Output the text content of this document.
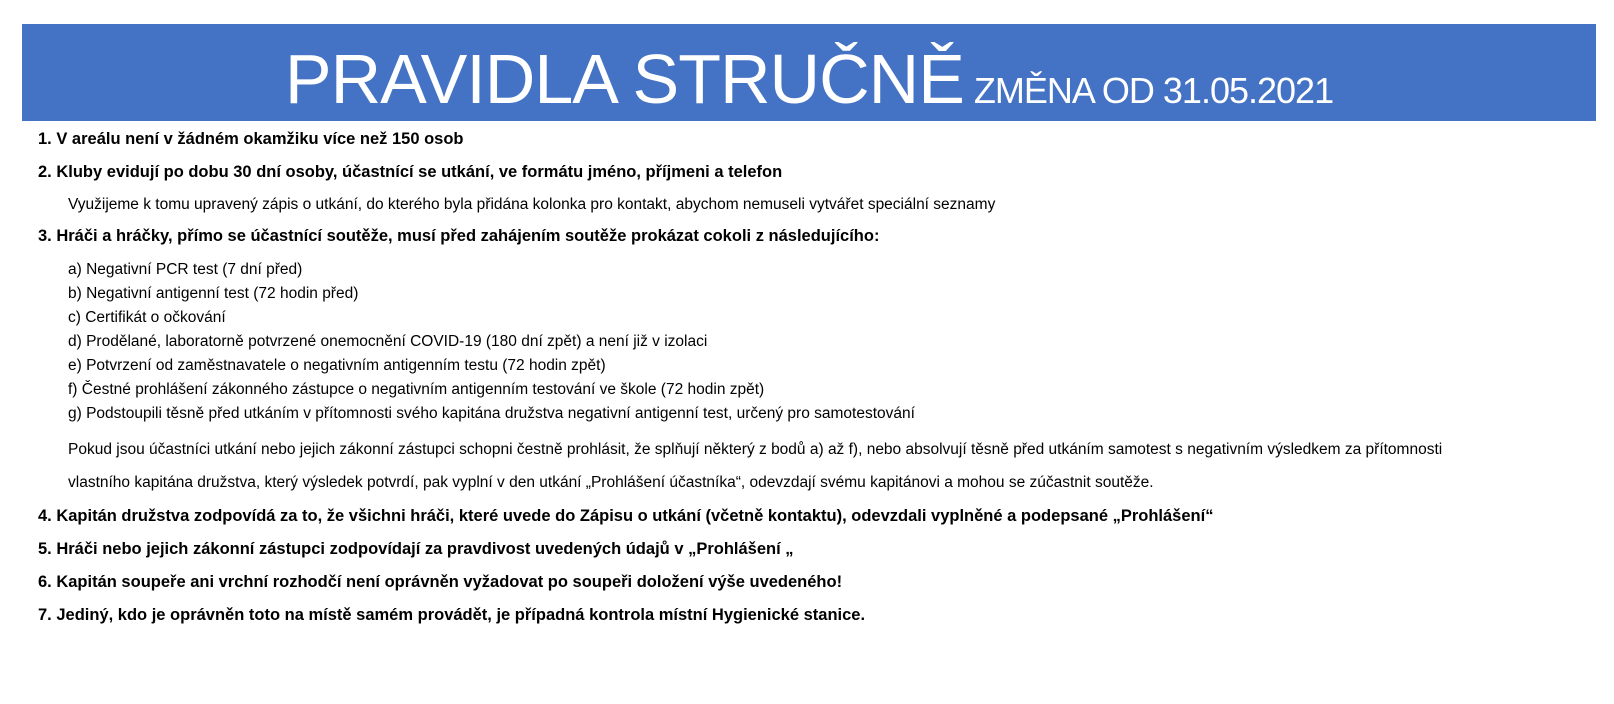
PRAVIDLA STRUČNĚ ZMĚNA OD 31.05.2021
1. V areálu není v žádném okamžiku více než 150 osob
2. Kluby evidují po dobu 30 dní osoby, účastnící se utkání, ve formátu jméno, příjmeni a telefon
Využijeme k tomu upravený zápis o utkání, do kterého byla přidána kolonka pro kontakt, abychom nemuseli vytvářet speciální seznamy
3. Hráči a hráčky, přímo se účastnící soutěže, musí před zahájením soutěže prokázat cokoli z následujícího:
a) Negativní PCR test (7 dní před)
b) Negativní antigenní test (72 hodin před)
c) Certifikát o očkování
d) Prodělané, laboratorně potvrzené onemocnění COVID-19 (180 dní zpět) a není již v izolaci
e) Potvrzení od zaměstnavatele o negativním antigenním testu (72 hodin zpět)
f) Čestné prohlášení zákonného zástupce o negativním antigenním testování ve škole (72 hodin zpět)
g) Podstoupili těsně před utkáním v přítomnosti svého kapitána družstva negativní antigenní test, určený pro samotestování
Pokud jsou účastníci utkání nebo jejich zákonní zástupci schopni čestně prohlásit, že splňují některý z bodů a) až f), nebo absolvují těsně před utkáním samotest s negativním výsledkem za přítomnosti
vlastního kapitána družstva, který výsledek potvrdí, pak vyplní v den utkání „Prohlášení účastníka“, odevzdají svému kapitánovi a mohou se zúčastnit soutěže.
4. Kapitán družstva zodpovídá za to, že všichni hráči, které uvede do Zápisu o utkání (včetně kontaktu), odevzdali vyplněné a podepsané „Prohlášení“
5. Hráči nebo jejich zákonní zástupci zodpovídají za pravdivost uvedených údajů v „Prohlášení „
6. Kapitán soupeře ani vrchní rozhodčí není oprávněn vyžadovat po soupeři doložení výše uvedeného!
7. Jediný, kdo je oprávněn toto na místě samém provádět, je případná kontrola místní Hygienické stanice.
